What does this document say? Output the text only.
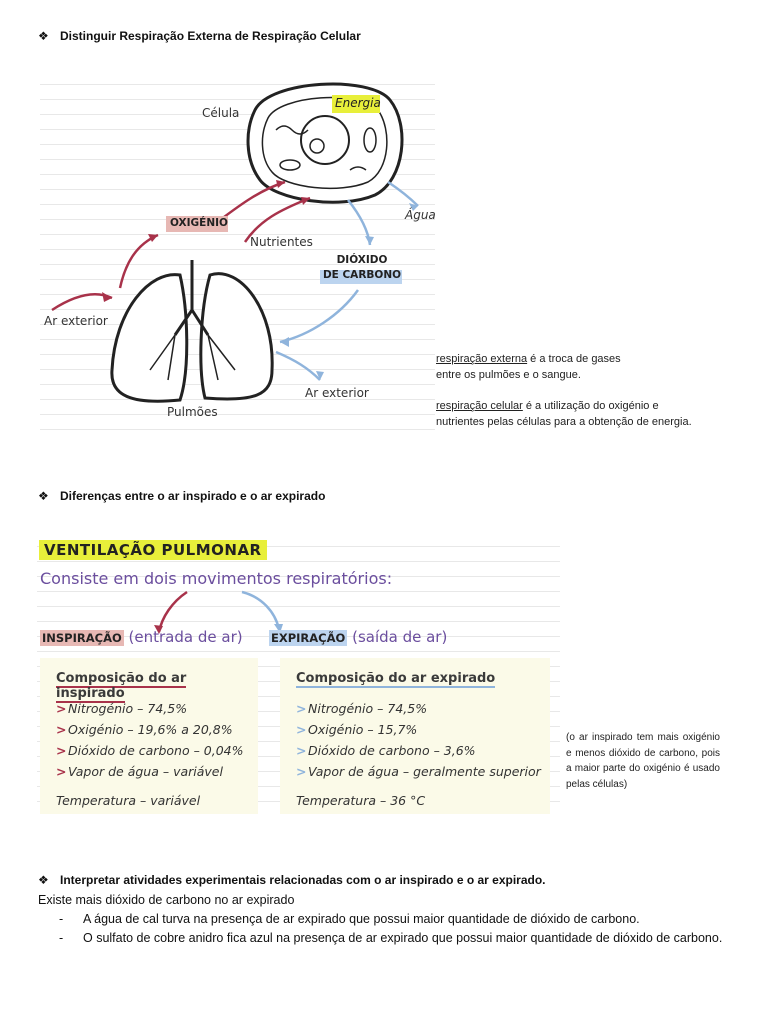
❖ Distinguir Respiração Externa de Respiração Celular
Célula
Energia
Água
OXIGÉNIO
Nutrientes
DIÓXIDO
DE CARBONO
Ar exterior
Ar exterior
Pulmões
respiração externa é a troca de gases
entre os pulmões e o sangue.
respiração celular é a utilização do oxigénio e
nutrientes pelas células para a obtenção de energia.
❖ Diferenças entre o ar inspirado e o ar expirado
VENTILAÇÃO PULMONAR
Consiste em dois movimentos respiratórios:
INSPIRAÇÃO (entrada de ar) EXPIRAÇÃO (saída de ar)
Composição do ar inspirado
> Nitrogénio – 74,5%
> Oxigénio – 19,6% a 20,8%
> Dióxido de carbono – 0,04%
> Vapor de água – variável
Temperatura – variável
Composição do ar expirado
> Nitrogénio – 74,5%
> Oxigénio – 15,7%
> Dióxido de carbono – 3,6%
> Vapor de água – geralmente superior
Temperatura – 36 °C
(o ar inspirado tem mais oxigénio e menos dióxido de carbono, pois a maior parte do oxigénio é usado pelas células)
❖ Interpretar atividades experimentais relacionadas com o ar inspirado e o ar expirado.
Existe mais dióxido de carbono no ar expirado
-	A água de cal turva na presença de ar expirado que possui maior quantidade de dióxido de carbono.
-	O sulfato de cobre anidro fica azul na presença de ar expirado que possui maior quantidade de dióxido de carbono.
